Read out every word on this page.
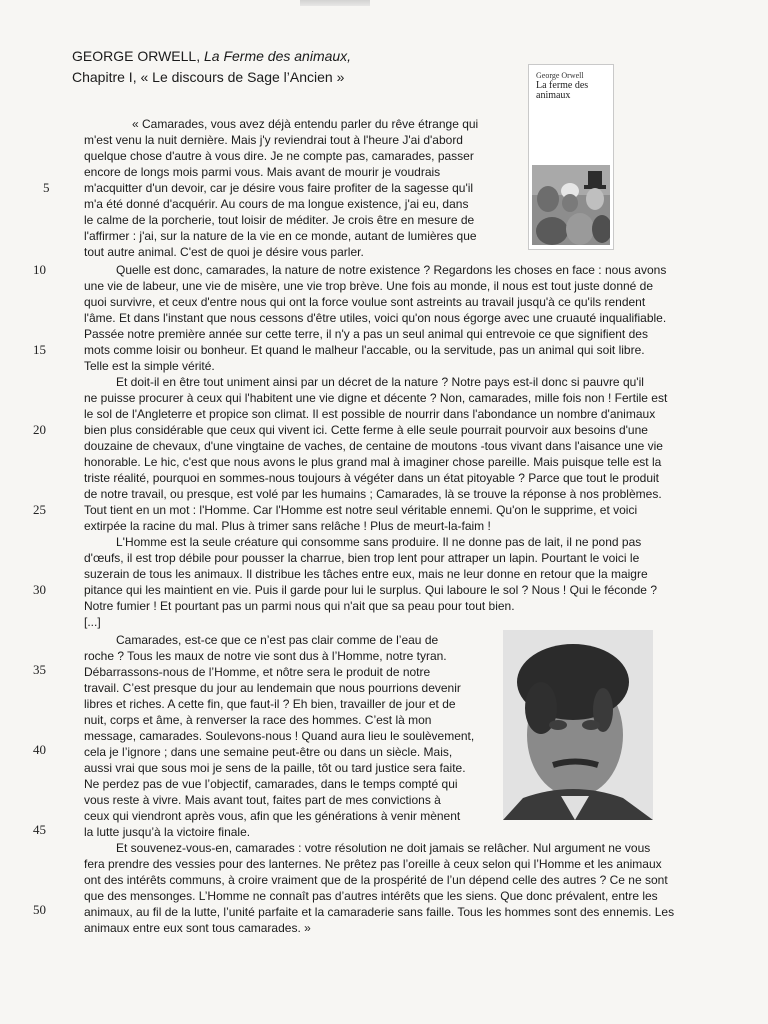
GEORGE ORWELL, La Ferme des animaux,
Chapitre I, « Le discours de Sage l’Ancien »	George Orwell
La ferme des animaux
« Camarades, vous avez déjà entendu parler du rêve étrange qui
m'est venu la nuit dernière. Mais j'y reviendrai tout à l'heure J'ai d'abord
quelque chose d'autre à vous dire. Je ne compte pas, camarades, passer
encore de longs mois parmi vous. Mais avant de mourir je voudrais
m'acquitter d'un devoir, car je désire vous faire profiter de la sagesse qu'il
m'a été donné d'acquérir. Au cours de ma longue existence, j'ai eu, dans
le calme de la porcherie, tout loisir de méditer. Je crois être en mesure de
l'affirmer : j'ai, sur la nature de la vie en ce monde, autant de lumières que
tout autre animal. C'est de quoi je désire vous parler.
Quelle est donc, camarades, la nature de notre existence ? Regardons les choses en face : nous avons
une vie de labeur, une vie de misère, une vie trop brève. Une fois au monde, il nous est tout juste donné de
quoi survivre, et ceux d'entre nous qui ont la force voulue sont astreints au travail jusqu'à ce qu'ils rendent
l'âme. Et dans l'instant que nous cessons d'être utiles, voici qu'on nous égorge avec une cruauté inqualifiable.
Passée notre première année sur cette terre, il n'y a pas un seul animal qui entrevoie ce que signifient des
mots comme loisir ou bonheur. Et quand le malheur l'accable, ou la servitude, pas un animal qui soit libre.
Telle est la simple vérité.
Et doit-il en être tout uniment ainsi par un décret de la nature ? Notre pays est-il donc si pauvre qu'il
ne puisse procurer à ceux qui l'habitent une vie digne et décente ? Non, camarades, mille fois non ! Fertile est
le sol de l'Angleterre et propice son climat. Il est possible de nourrir dans l'abondance un nombre d'animaux
bien plus considérable que ceux qui vivent ici. Cette ferme à elle seule pourrait pourvoir aux besoins d'une
douzaine de chevaux, d'une vingtaine de vaches, de centaine de moutons -tous vivant dans l'aisance une vie
honorable. Le hic, c'est que nous avons le plus grand mal à imaginer chose pareille. Mais puisque telle est la
triste réalité, pourquoi en sommes-nous toujours à végéter dans un état pitoyable ? Parce que tout le produit
de notre travail, ou presque, est volé par les humains ; Camarades, là se trouve la réponse à nos problèmes.
Tout tient en un mot : l'Homme. Car l'Homme est notre seul véritable ennemi. Qu'on le supprime, et voici
extirpée la racine du mal. Plus à trimer sans relâche ! Plus de meurt-la-faim !
L'Homme est la seule créature qui consomme sans produire. Il ne donne pas de lait, il ne pond pas
d'œufs, il est trop débile pour pousser la charrue, bien trop lent pour attraper un lapin. Pourtant le voici le
suzerain de tous les animaux. Il distribue les tâches entre eux, mais ne leur donne en retour que la maigre
pitance qui les maintient en vie. Puis il garde pour lui le surplus. Qui laboure le sol ? Nous ! Qui le féconde ?
Notre fumier ! Et pourtant pas un parmi nous qui n'ait que sa peau pour tout bien.
[...]
Camarades, est-ce que ce n’est pas clair comme de l’eau de
roche ? Tous les maux de notre vie sont dus à l’Homme, notre tyran.
Débarrassons-nous de l’Homme, et nôtre sera le produit de notre
travail. C’est presque du jour au lendemain que nous pourrions devenir
libres et riches. A cette fin, que faut-il ? Eh bien, travailler de jour et de
nuit, corps et âme, à renverser la race des hommes. C’est là mon
message, camarades. Soulevons-nous ! Quand aura lieu le soulèvement,
cela je l’ignore ; dans une semaine peut-être ou dans un siècle. Mais,
aussi vrai que sous moi je sens de la paille, tôt ou tard justice sera faite.
Ne perdez pas de vue l’objectif, camarades, dans le temps compté qui
vous reste à vivre. Mais avant tout, faites part de mes convictions à
ceux qui viendront après vous, afin que les générations à venir mènent
la lutte jusqu’à la victoire finale.
Et souvenez-vous-en, camarades : votre résolution ne doit jamais se relâcher. Nul argument ne vous
fera prendre des vessies pour des lanternes. Ne prêtez pas l’oreille à ceux selon qui l’Homme et les animaux
ont des intérêts communs, à croire vraiment que de la prospérité de l’un dépend celle des autres ? Ce ne sont
que des mensonges. L’Homme ne connaît pas d’autres intérêts que les siens. Que donc prévalent, entre les
animaux, au fil de la lutte, l’unité parfaite et la camaraderie sans faille. Tous les hommes sont des ennemis. Les
animaux entre eux sont tous camarades. »
5
10
15
20
25
30
35
40
45
50
